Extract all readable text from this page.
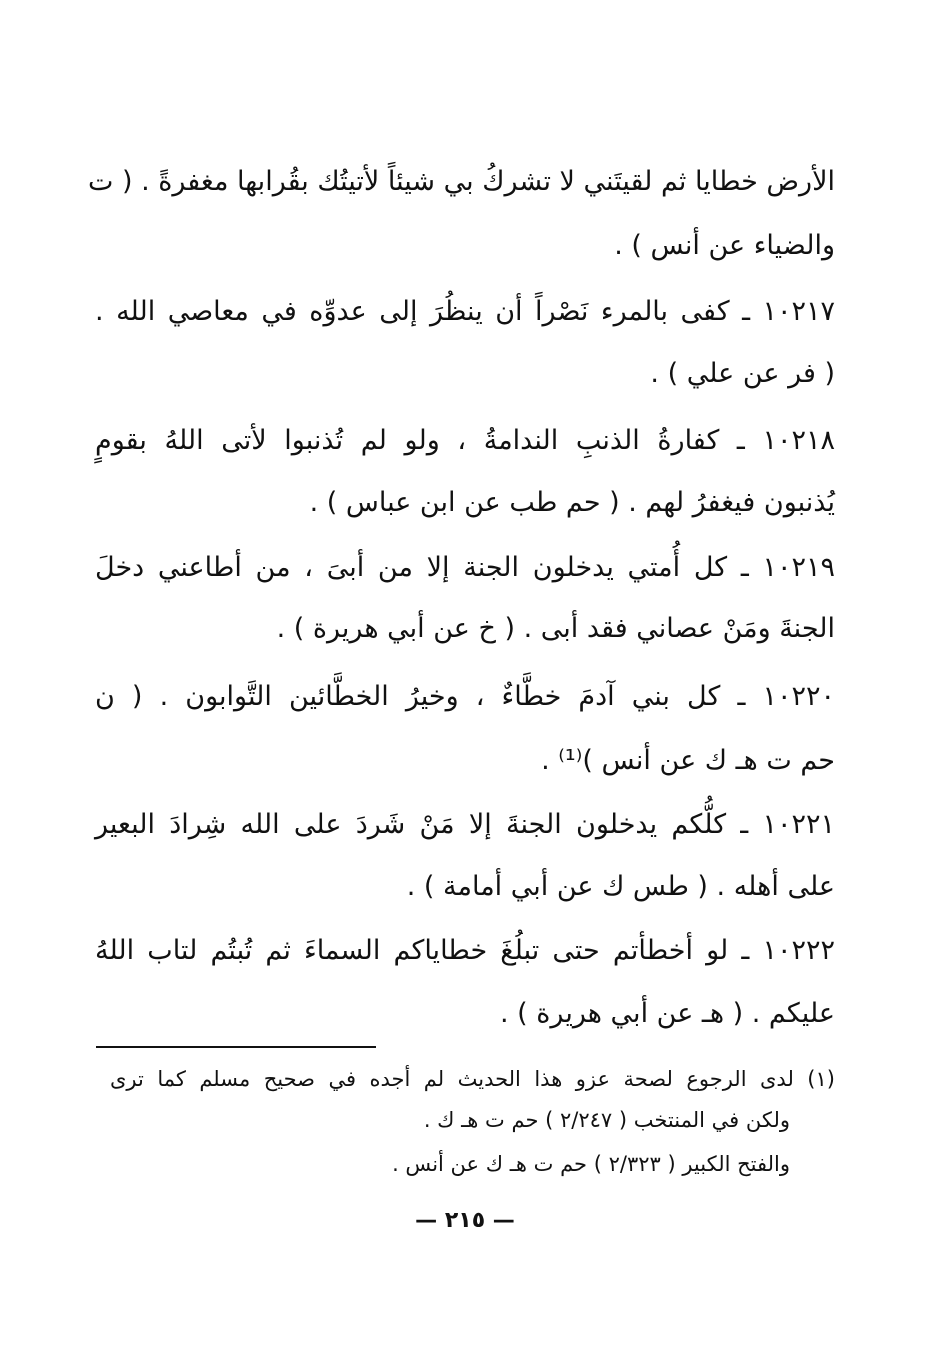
الأرض خطايا ثم لقيتَني لا تشركُ بي شيئاً لأتيتُك بقُرابها مغفرةً . ( ت
والضياء عن أنس ) .
١٠٢١٧ ـ كفى بالمرء نَصْراً أن ينظُرَ إلى عدوِّه في معاصي الله .
( فر عن علي ) .
١٠٢١٨ ـ كفارةُ الذنبِ الندامةُ ، ولو لم تُذنبوا لأتى اللهُ بقومٍ
يُذنبون فيغفرُ لهم . ( حم طب عن ابن عباس ) .
١٠٢١٩ ـ كل أُمتي يدخلون الجنة إلا من أبىَ ، من أطاعني دخلَ
الجنةَ ومَنْ عصاني فقد أبى . ( خ عن أبي هريرة ) .
١٠٢٢٠ ـ كل بني آدمَ خطَّاءٌ ، وخيرُ الخطَّائين التَّوابون . ( ن
حم ت هـ ك عن أنس )⁽¹⁾ .
١٠٢٢١ ـ كلُّكم يدخلون الجنةَ إلا مَنْ شَردَ على الله شِرادَ البعير
على أهله . ( طس ك عن أبي أمامة ) .
١٠٢٢٢ ـ لو أخطأتم حتى تبلُغَ خطاياكم السماءَ ثم تُبتُم لتاب اللهُ
عليكم . ( هـ عن أبي هريرة ) .
(١) لدى الرجوع لصحة عزو هذا الحديث لم أجده في صحيح مسلم كما ترى
ولكن في المنتخب ( ٢/٢٤٧ ) حم ت هـ ك .
والفتح الكبير ( ٢/٣٢٣ ) حم ت هـ ك عن أنس .
— ٢١٥ —
